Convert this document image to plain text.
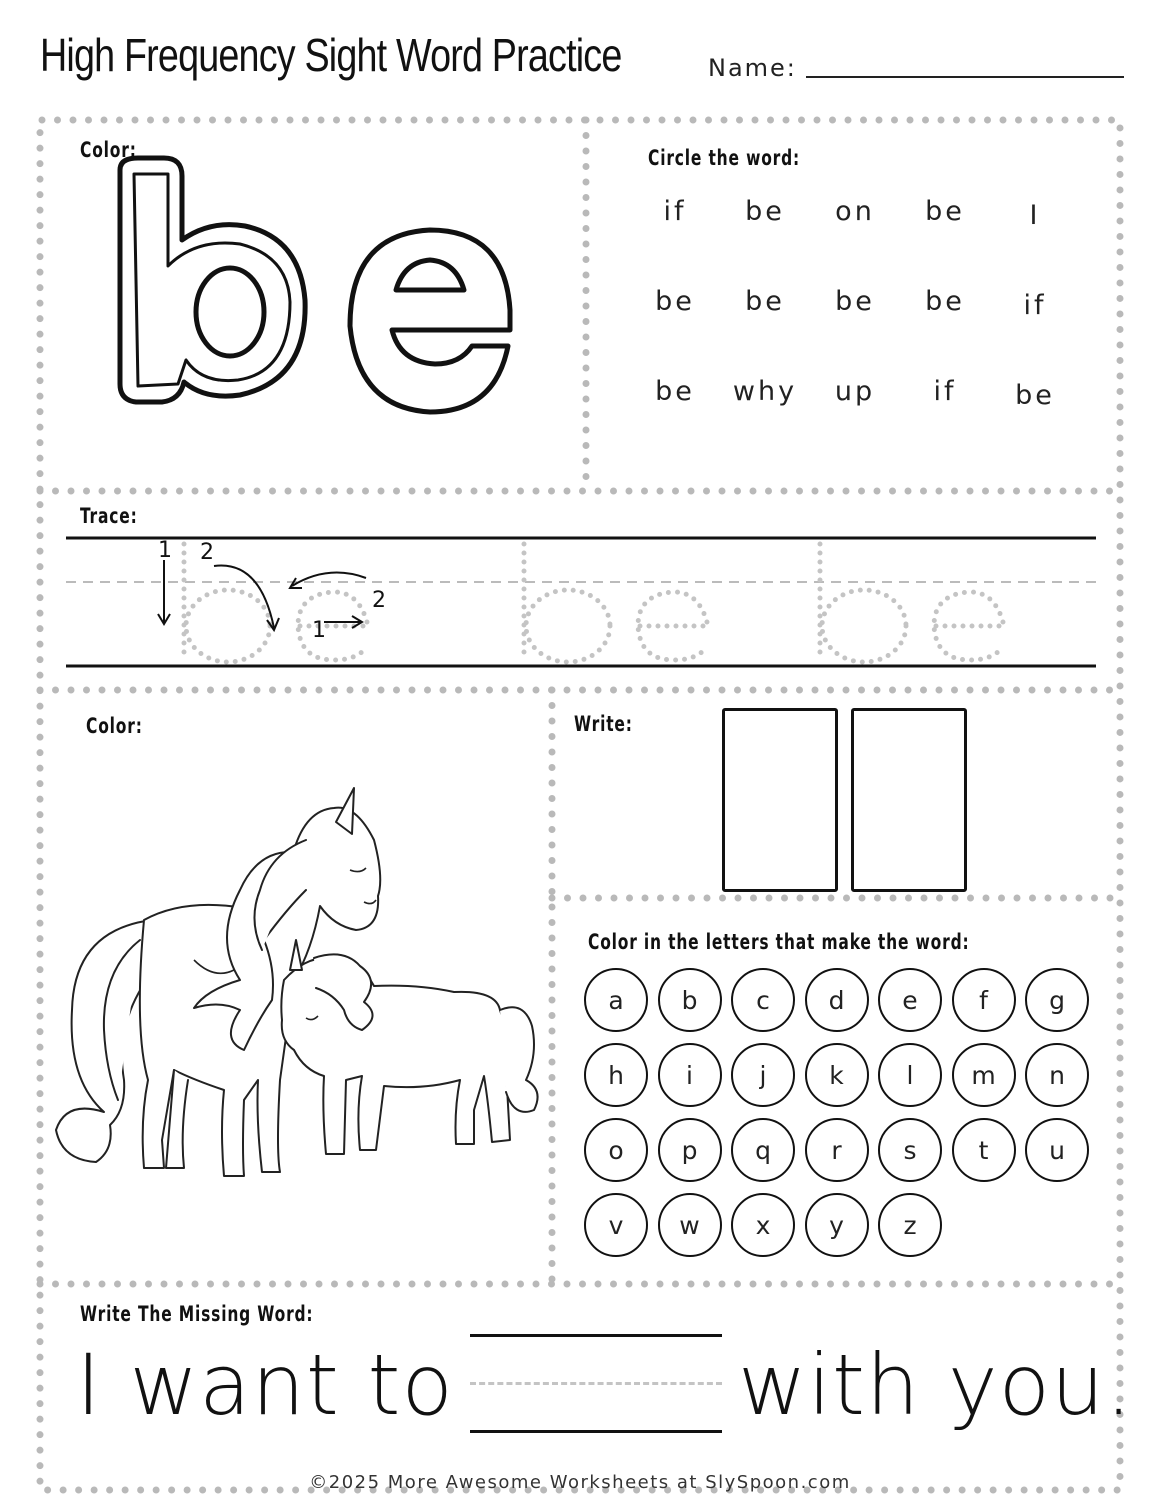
High Frequency Sight Word Practice	Name:
Color:	Circle the word:
if	be	on	be	I
be	be	be	be	if
be	why	up	if	be
Trace:
1 2
2
1
Color:	Write:
Color in the letters that make the word:
a	b	c	d	e	f	g
h	i	j	k	l	m	n
o	p	q	r	s	t	u
v	w	x	y	z
Write The Missing Word:
I want to	with you.
©2025 More Awesome Worksheets at SlySpoon.com
